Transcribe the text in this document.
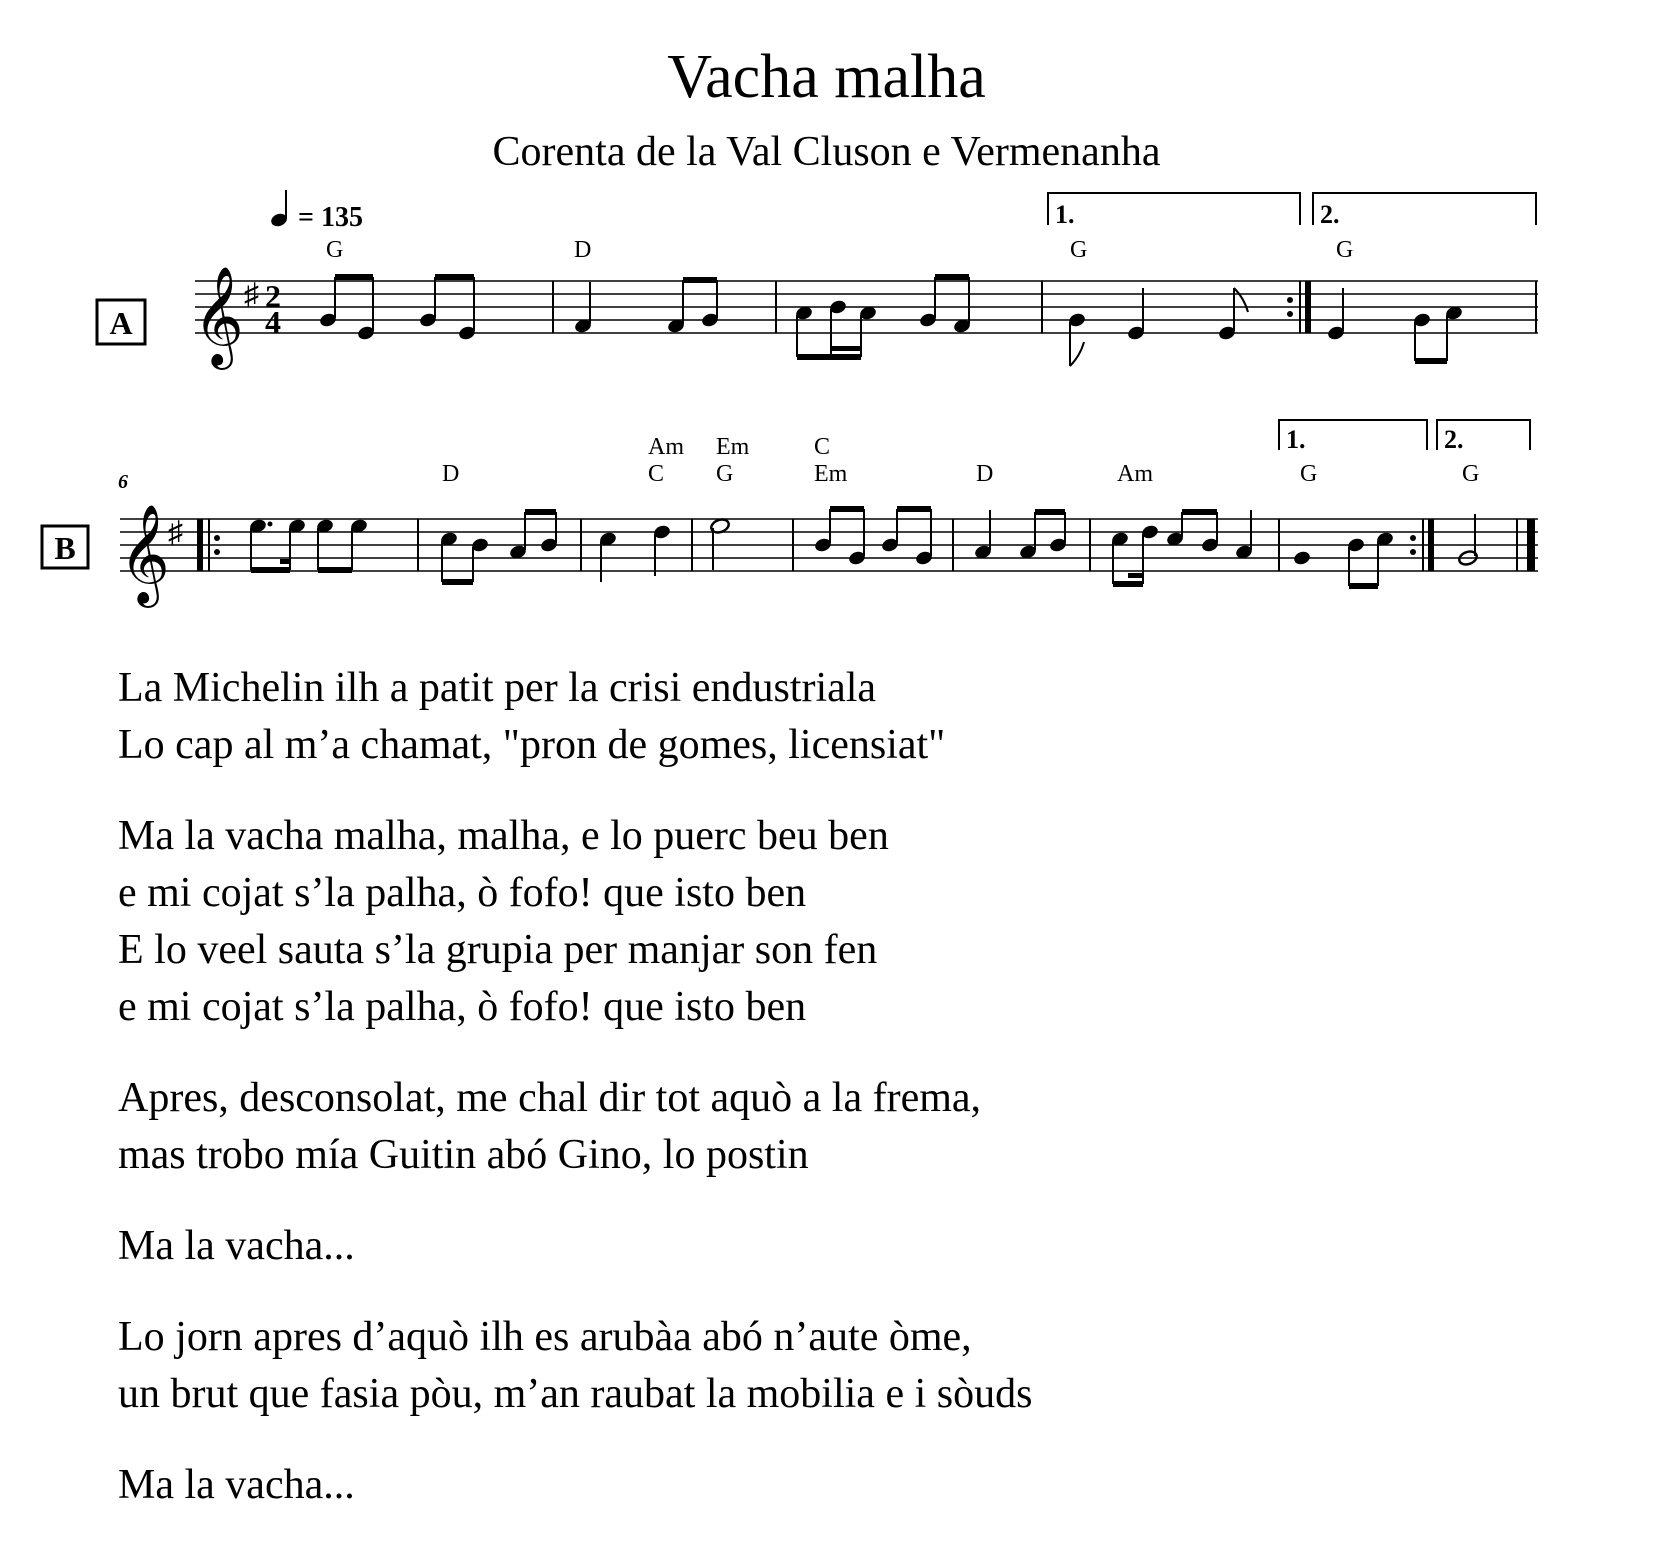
Vacha malha
Corenta de la Val Cluson e Vermenanha
= 135	1.	2.
G	D	G	G
A 𝄞 ♯ 2
4
6
1.	2.
Am Em	C
D	C G	Em	D	Am	G	G
B 𝄞
♯
La Michelin ilh a patit per la crisi endustriala
Lo cap al m’a chamat, "pron de gomes, licensiat"
Ma la vacha malha, malha, e lo puerc beu ben
e mi cojat s’la palha, ò fofo! que isto ben
E lo veel sauta s’la grupia per manjar son fen
e mi cojat s’la palha, ò fofo! que isto ben
Apres, desconsolat, me chal dir tot aquò a la frema,
mas trobo mía Guitin abó Gino, lo postin
Ma la vacha...
Lo jorn apres d’aquò ilh es arubàa abó n’aute òme,
un brut que fasia pòu, m’an raubat la mobilia e i sòuds
Ma la vacha...
